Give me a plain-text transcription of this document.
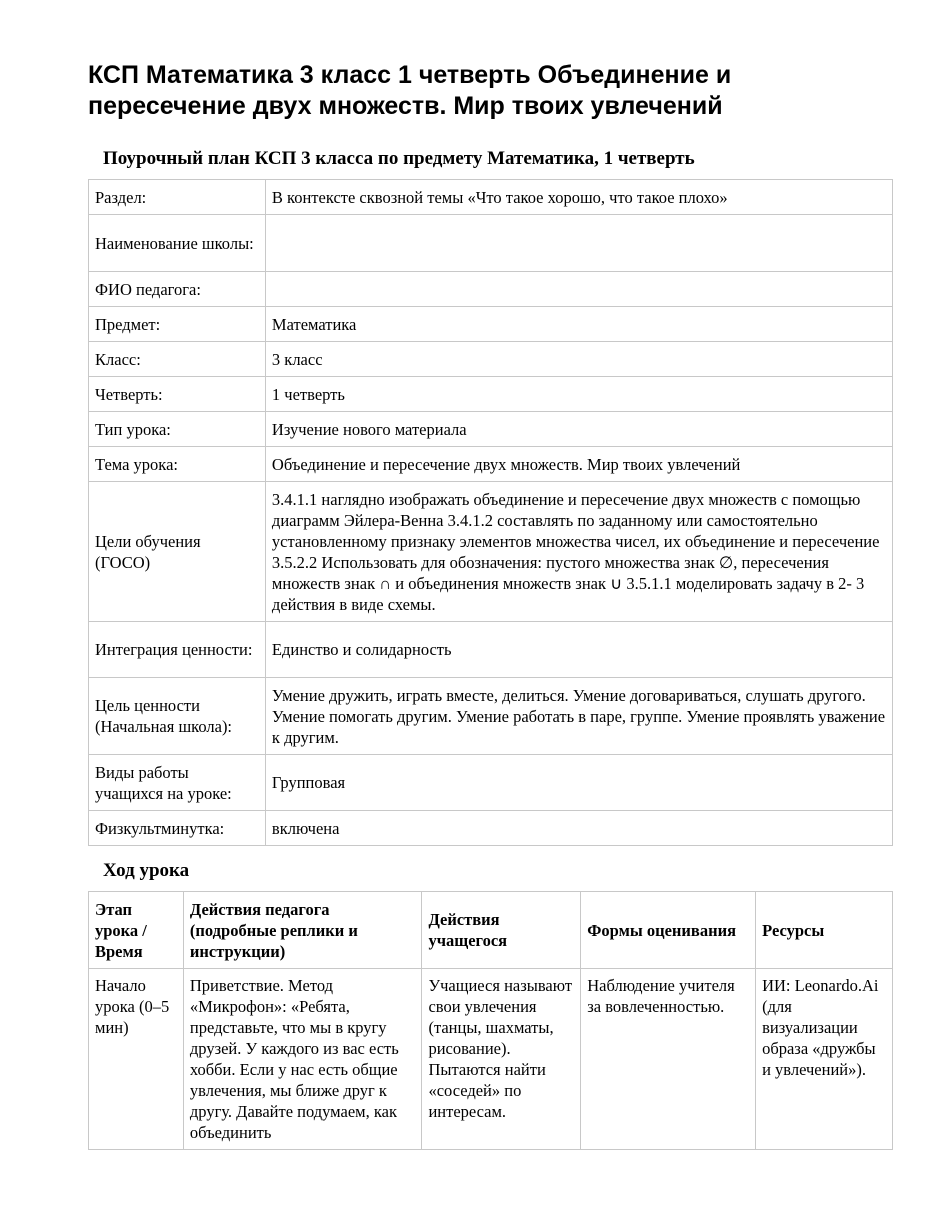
КСП Математика 3 класс 1 четверть Объединение и пересечение двух множеств. Мир твоих увлечений

Поурочный план КСП 3 класса по предмету Математика, 1 четверть

Раздел:	В контексте сквозной темы «Что такое хорошо, что такое плохо»
Наименование школы:	
ФИО педагога:	
Предмет:	Математика
Класс:	3 класс
Четверть:	1 четверть
Тип урока:	Изучение нового материала
Тема урока:	Объединение и пересечение двух множеств. Мир твоих увлечений
Цели обучения (ГОСО)	3.4.1.1 наглядно изображать объединение и пересечение двух множеств с помощью диаграмм Эйлера-Венна 3.4.1.2 составлять по заданному или самостоятельно установленному признаку элементов множества чисел, их объединение и пересечение 3.5.2.2 Использовать для обозначения: пустого множества знак ∅, пересечения множеств знак ∩ и объединения множеств знак ∪ 3.5.1.1 моделировать задачу в 2- 3 действия в виде схемы.
Интеграция ценности:	Единство и солидарность
Цель ценности (Начальная школа):	Умение дружить, играть вместе, делиться. Умение договариваться, слушать другого. Умение помогать другим. Умение работать в паре, группе. Умение проявлять уважение к другим.
Виды работы учащихся на уроке:	Групповая
Физкультминутка:	включена

Ход урока

Этап урока / Время	Действия педагога (подробные реплики и инструкции)	Действия учащегося	Формы оценивания	Ресурсы
Начало урока (0–5 мин)	Приветствие. Метод «Микрофон»: «Ребята, представьте, что мы в кругу друзей. У каждого из вас есть хобби. Если у нас есть общие увлечения, мы ближе друг к другу. Давайте подумаем, как объединить	Учащиеся называют свои увлечения (танцы, шахматы, рисование). Пытаются найти «соседей» по интересам.	Наблюдение учителя за вовлеченностью.	ИИ: Leonardo.Ai (для визуализации образа «дружбы и увлечений»).
